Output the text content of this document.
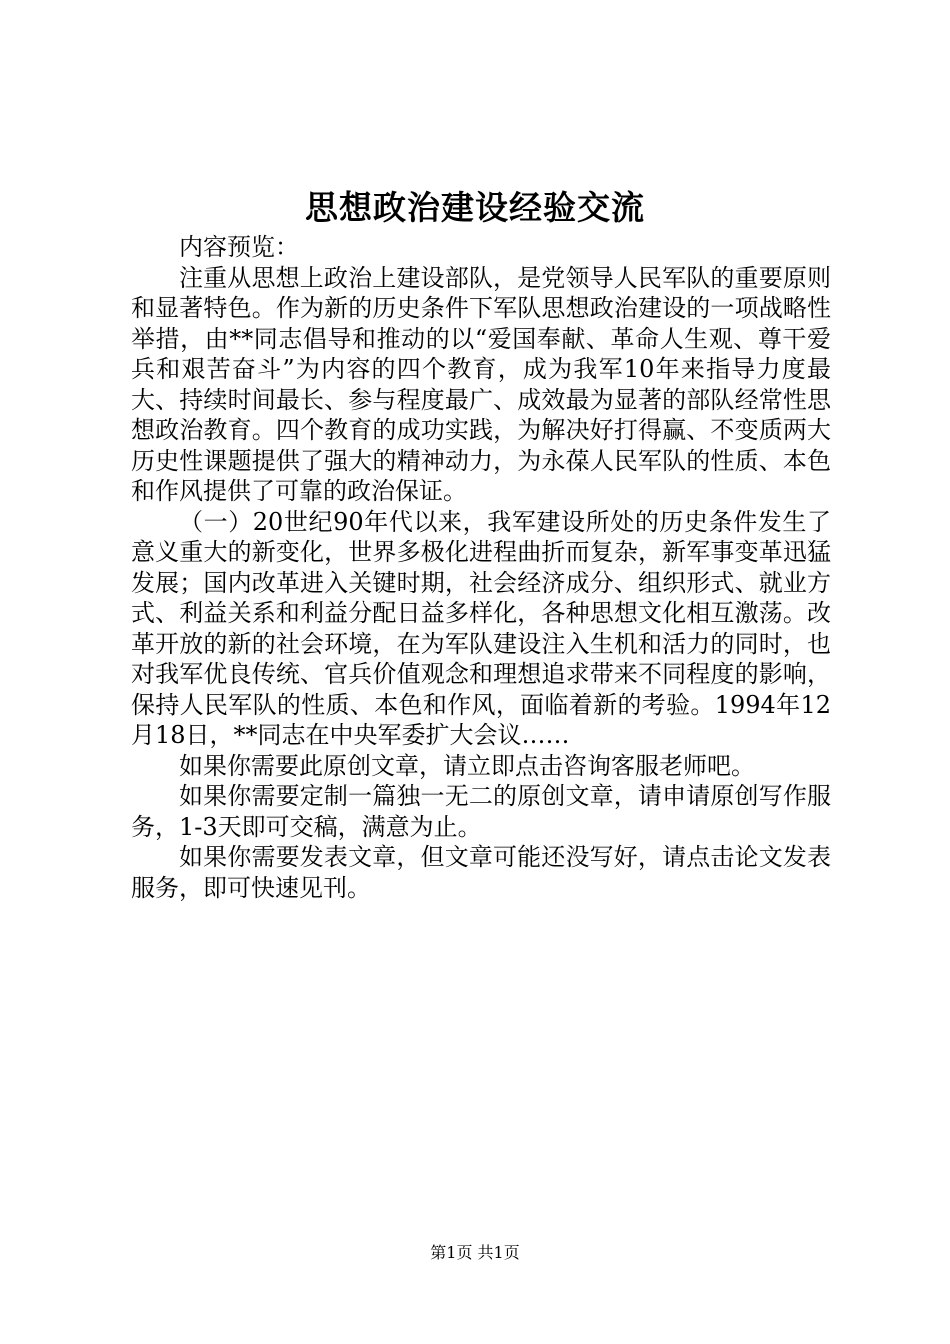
思想政治建设经验交流

内容预览：

注重从思想上政治上建设部队，是党领导人民军队的重要原则和显著特色。作为新的历史条件下军队思想政治建设的一项战略性举措，由**同志倡导和推动的以“爱国奉献、革命人生观、尊干爱兵和艰苦奋斗”为内容的四个教育，成为我军10年来指导力度最大、持续时间最长、参与程度最广、成效最为显著的部队经常性思想政治教育。四个教育的成功实践，为解决好打得赢、不变质两大历史性课题提供了强大的精神动力，为永葆人民军队的性质、本色和作风提供了可靠的政治保证。

（一）20世纪90年代以来，我军建设所处的历史条件发生了意义重大的新变化，世界多极化进程曲折而复杂，新军事变革迅猛发展；国内改革进入关键时期，社会经济成分、组织形式、就业方式、利益关系和利益分配日益多样化，各种思想文化相互激荡。改革开放的新的社会环境，在为军队建设注入生机和活力的同时，也对我军优良传统、官兵价值观念和理想追求带来不同程度的影响，保持人民军队的性质、本色和作风，面临着新的考验。1994年12月18日，**同志在中央军委扩大会议……

如果你需要此原创文章，请立即点击咨询客服老师吧。

如果你需要定制一篇独一无二的原创文章，请申请原创写作服务，1-3天即可交稿，满意为止。

如果你需要发表文章，但文章可能还没写好，请点击论文发表服务，即可快速见刊。

第1页 共1页
